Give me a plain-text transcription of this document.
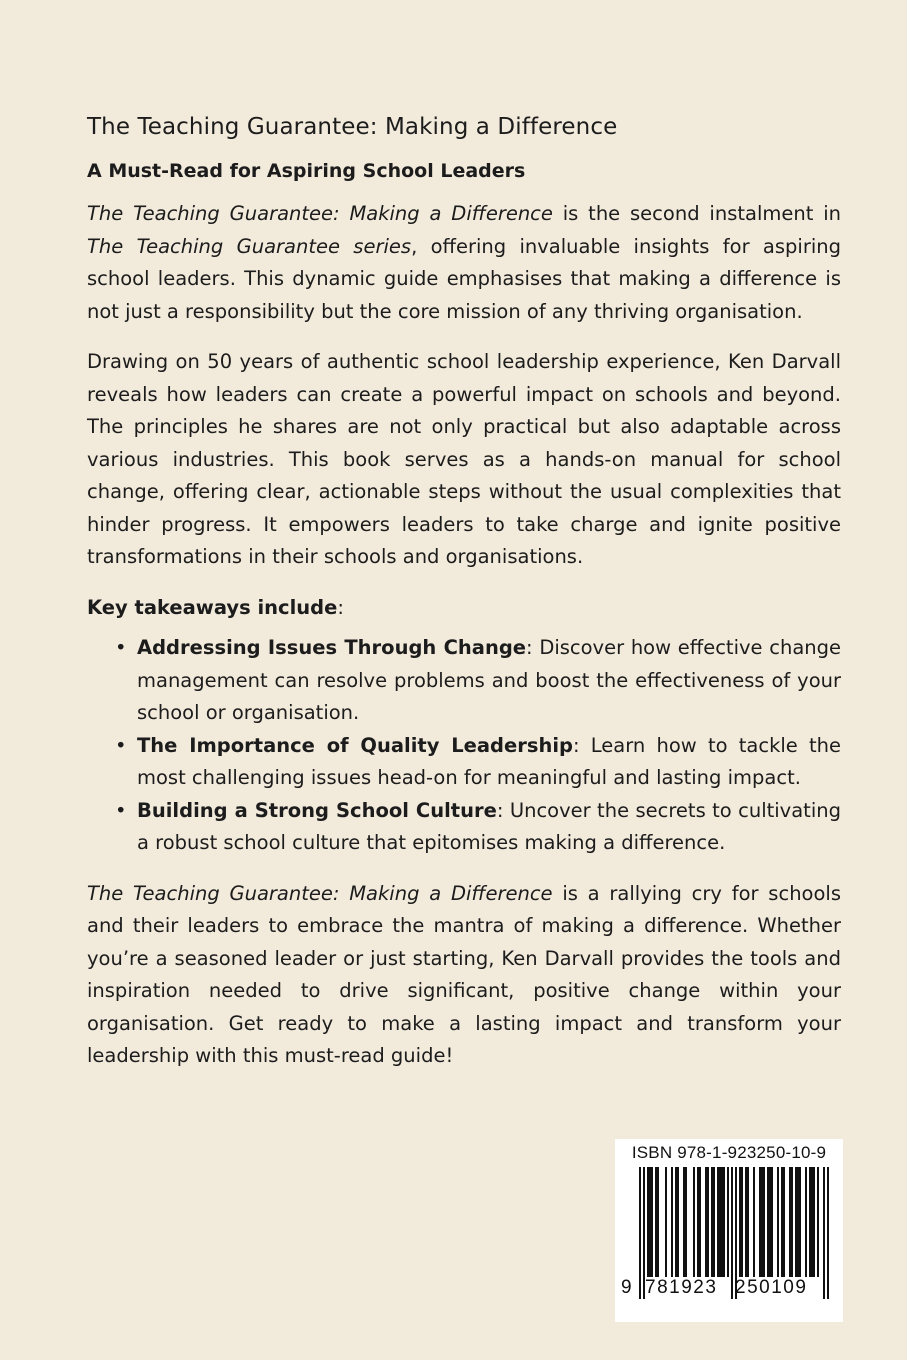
The Teaching Guarantee: Making a Difference
A Must-Read for Aspiring School Leaders

The Teaching Guarantee: Making a Difference is the second instalment in The Teaching Guarantee series, offering invaluable insights for aspiring school leaders. This dynamic guide emphasises that making a difference is not just a responsibility but the core mission of any thriving organisation.

Drawing on 50 years of authentic school leadership experience, Ken Darvall reveals how leaders can create a powerful impact on schools and beyond. The principles he shares are not only practical but also adaptable across various industries. This book serves as a hands-on manual for school change, offering clear, actionable steps without the usual complexities that hinder progress. It empowers leaders to take charge and ignite positive transformations in their schools and organisations.

Key takeaways include:
• Addressing Issues Through Change: Discover how effective change management can resolve problems and boost the effectiveness of your school or organisation.
• The Importance of Quality Leadership: Learn how to tackle the most challenging issues head-on for meaningful and lasting impact.
• Building a Strong School Culture: Uncover the secrets to cultivating a robust school culture that epitomises making a difference.

The Teaching Guarantee: Making a Difference is a rallying cry for schools and their leaders to embrace the mantra of making a difference. Whether you’re a seasoned leader or just starting, Ken Darvall provides the tools and inspiration needed to drive significant, positive change within your organisation. Get ready to make a lasting impact and transform your leadership with this must-read guide!

ISBN 978-1-923250-10-9
9 781923 250109
